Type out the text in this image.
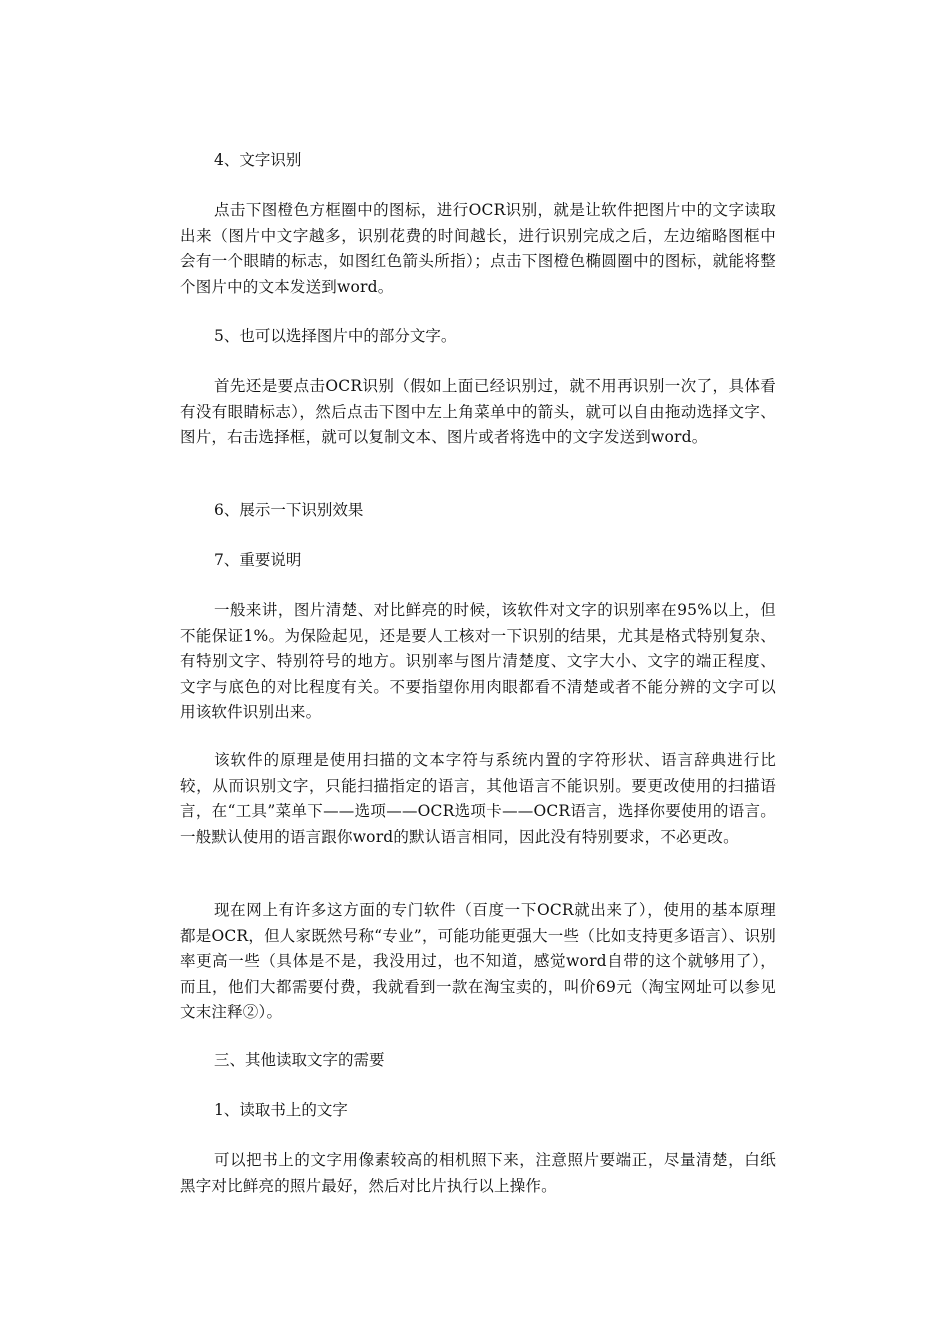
4、文字识别

点击下图橙色方框圈中的图标，进行OCR识别，就是让软件把图片中的文字读取出来（图片中文字越多，识别花费的时间越长，进行识别完成之后，左边缩略图框中会有一个眼睛的标志，如图红色箭头所指）；点击下图橙色椭圆圈中的图标，就能将整个图片中的文本发送到word。

5、也可以选择图片中的部分文字。

首先还是要点击OCR识别（假如上面已经识别过，就不用再识别一次了，具体看有没有眼睛标志），然后点击下图中左上角菜单中的箭头，就可以自由拖动选择文字、图片，右击选择框，就可以复制文本、图片或者将选中的文字发送到word。

6、展示一下识别效果

7、重要说明

一般来讲，图片清楚、对比鲜亮的时候，该软件对文字的识别率在95%以上，但不能保证1%。为保险起见，还是要人工核对一下识别的结果，尤其是格式特别复杂、有特别文字、特别符号的地方。识别率与图片清楚度、文字大小、文字的端正程度、文字与底色的对比程度有关。不要指望你用肉眼都看不清楚或者不能分辨的文字可以用该软件识别出来。

该软件的原理是使用扫描的文本字符与系统内置的字符形状、语言辞典进行比较，从而识别文字，只能扫描指定的语言，其他语言不能识别。要更改使用的扫描语言，在“工具”菜单下——选项——OCR选项卡——OCR语言，选择你要使用的语言。一般默认使用的语言跟你word的默认语言相同，因此没有特别要求，不必更改。

现在网上有许多这方面的专门软件（百度一下OCR就出来了），使用的基本原理都是OCR，但人家既然号称“专业”，可能功能更强大一些（比如支持更多语言）、识别率更高一些（具体是不是，我没用过，也不知道，感觉word自带的这个就够用了），而且，他们大都需要付费，我就看到一款在淘宝卖的，叫价69元（淘宝网址可以参见文末注释②）。

三、其他读取文字的需要

1、读取书上的文字

可以把书上的文字用像素较高的相机照下来，注意照片要端正，尽量清楚，白纸黑字对比鲜亮的照片最好，然后对比片执行以上操作。
